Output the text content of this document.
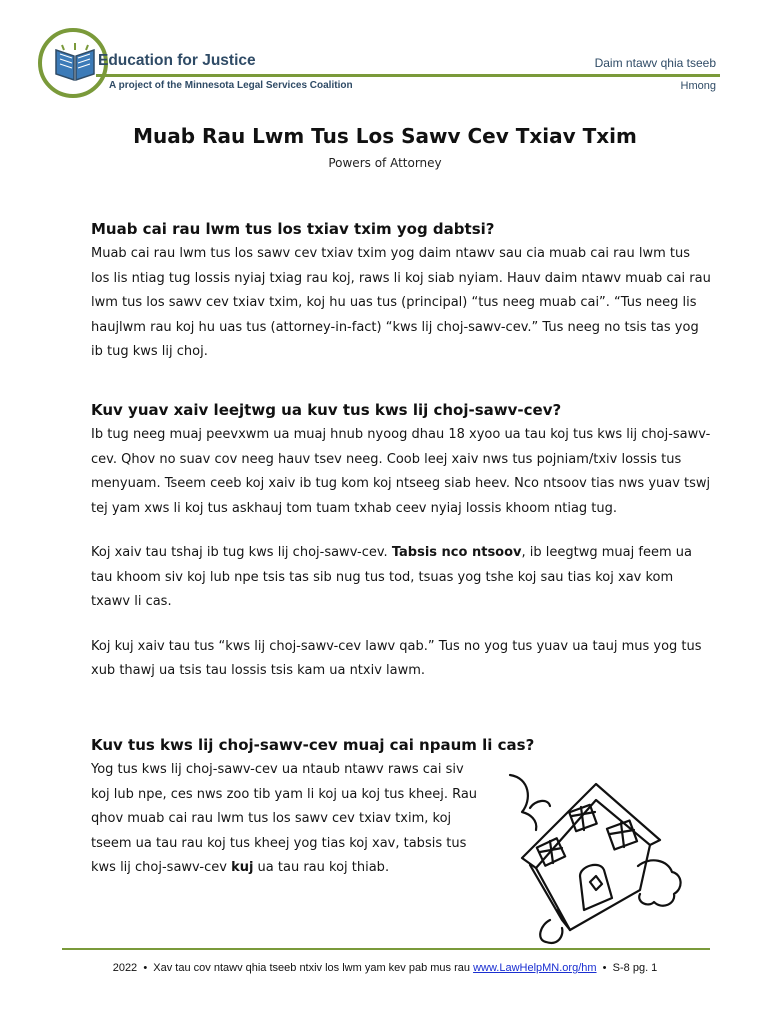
Education for Justice
A project of the Minnesota Legal Services Coalition
Daim ntawv qhia tseeb
Hmong
Muab Rau Lwm Tus Los Sawv Cev Txiav Txim
Powers of Attorney
Muab cai rau lwm tus los txiav txim yog dabtsi?

Muab cai rau lwm tus los sawv cev txiav txim yog daim ntawv sau cia muab cai rau lwm tus los lis ntiag tug lossis nyiaj txiag rau koj, raws li koj siab nyiam. Hauv daim ntawv muab cai rau lwm tus los sawv cev txiav txim, koj hu uas tus (principal) “tus neeg muab cai”. “Tus neeg lis haujlwm rau koj hu uas tus (attorney-in-fact) “kws lij choj-sawv-cev.” Tus neeg no tsis tas yog ib tug kws lij choj.

Kuv yuav xaiv leejtwg ua kuv tus kws lij choj-sawv-cev?

Ib tug neeg muaj peevxwm ua muaj hnub nyoog dhau 18 xyoo ua tau koj tus kws lij choj-sawv-cev. Qhov no suav cov neeg hauv tsev neeg. Coob leej xaiv nws tus pojniam/txiv lossis tus menyuam. Tseem ceeb koj xaiv ib tug kom koj ntseeg siab heev. Nco ntsoov tias nws yuav tswj tej yam xws li koj tus askhauj tom tuam txhab ceev nyiaj lossis khoom ntiag tug.

Koj xaiv tau tshaj ib tug kws lij choj-sawv-cev. Tabsis nco ntsoov, ib leegtwg muaj feem ua tau khoom siv koj lub npe tsis tas sib nug tus tod, tsuas yog tshe koj sau tias koj xav kom txawv li cas.

Koj kuj xaiv tau tus “kws lij choj-sawv-cev lawv qab.” Tus no yog tus yuav ua tauj mus yog tus xub thawj ua tsis tau lossis tsis kam ua ntxiv lawm.

Kuv tus kws lij choj-sawv-cev muaj cai npaum li cas?

Yog tus kws lij choj-sawv-cev ua ntaub ntawv raws cai siv koj lub npe, ces nws zoo tib yam li koj ua koj tus kheej. Rau qhov muab cai rau lwm tus los sawv cev txiav txim, koj tseem ua tau rau koj tus kheej yog tias koj xav, tabsis tus kws lij choj-sawv-cev kuj ua tau rau koj thiab.

2022 • Xav tau cov ntawv qhia tseeb ntxiv los lwm yam kev pab mus rau www.LawHelpMN.org/hm • S-8 pg. 1
